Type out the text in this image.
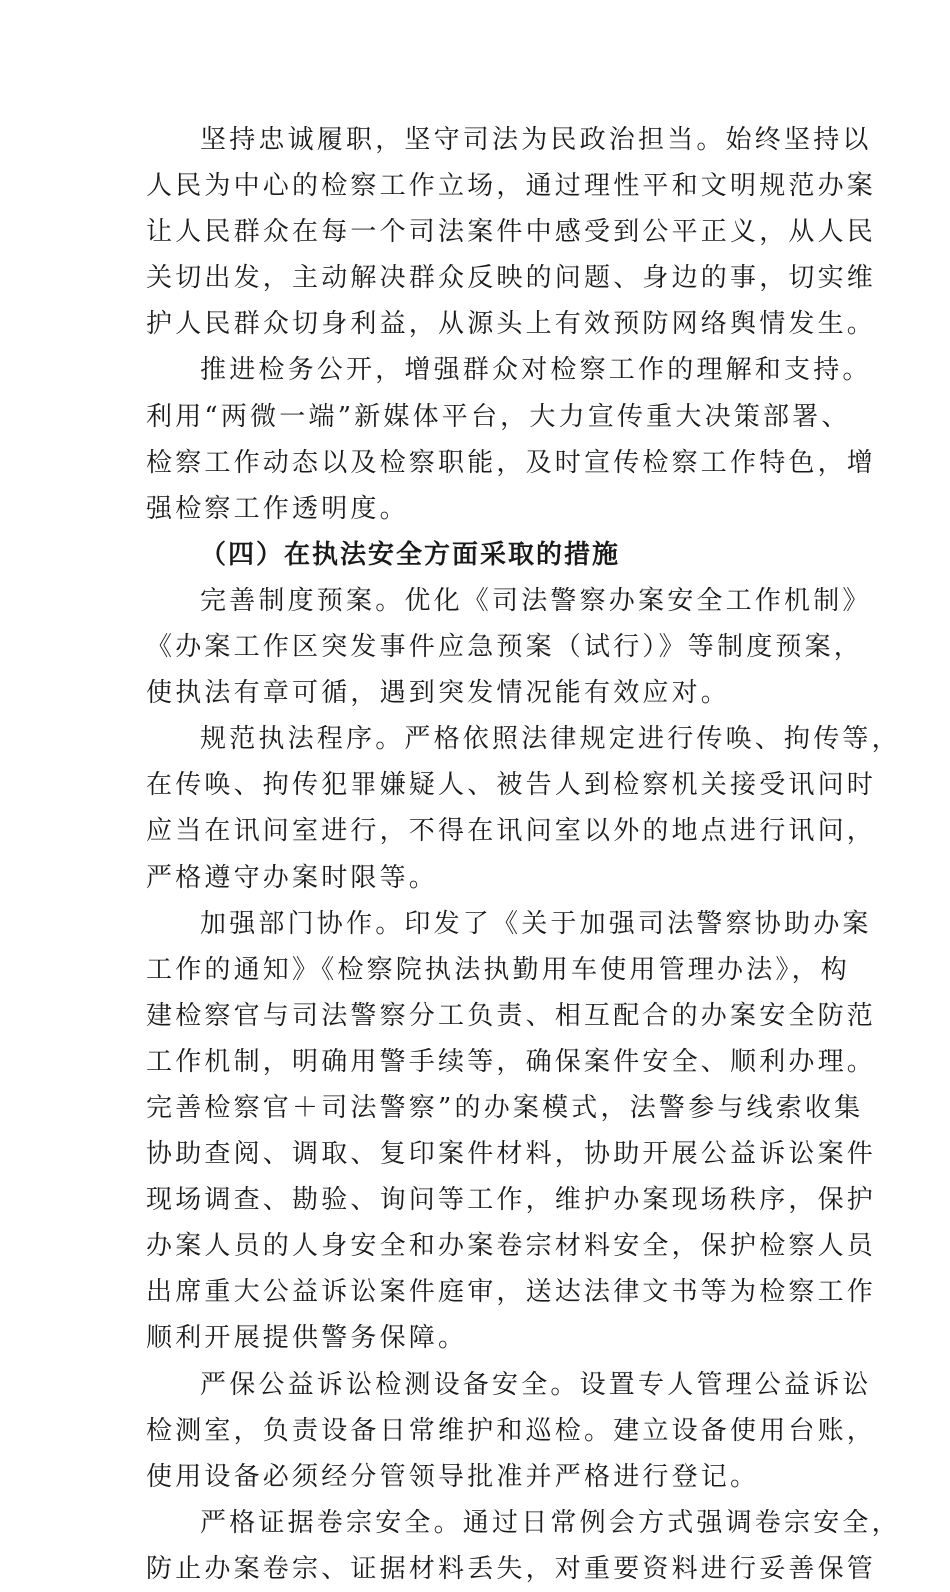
坚持忠诚履职，坚守司法为民政治担当。始终坚持以
人民为中心的检察工作立场，通过理性平和文明规范办案
让人民群众在每一个司法案件中感受到公平正义，从人民
关切出发，主动解决群众反映的问题、身边的事，切实维
护人民群众切身利益，从源头上有效预防网络舆情发生。
推进检务公开，增强群众对检察工作的理解和支持。
利用“两微一端”新媒体平台，大力宣传重大决策部署、
检察工作动态以及检察职能，及时宣传检察工作特色，增
强检察工作透明度。
（四）在执法安全方面采取的措施
完善制度预案。优化《司法警察办案安全工作机制》
《办案工作区突发事件应急预案（试行）》等制度预案，
使执法有章可循，遇到突发情况能有效应对。
规范执法程序。严格依照法律规定进行传唤、拘传等，
在传唤、拘传犯罪嫌疑人、被告人到检察机关接受讯问时
应当在讯问室进行，不得在讯问室以外的地点进行讯问，
严格遵守办案时限等。
加强部门协作。印发了《关于加强司法警察协助办案
工作的通知》《检察院执法执勤用车使用管理办法》，构
建检察官与司法警察分工负责、相互配合的办案安全防范
工作机制，明确用警手续等，确保案件安全、顺利办理。
完善检察官＋司法警察”的办案模式，法警参与线索收集
协助查阅、调取、复印案件材料，协助开展公益诉讼案件
现场调查、勘验、询问等工作，维护办案现场秩序，保护
办案人员的人身安全和办案卷宗材料安全，保护检察人员
出席重大公益诉讼案件庭审，送达法律文书等为检察工作
顺利开展提供警务保障。
严保公益诉讼检测设备安全。设置专人管理公益诉讼
检测室，负责设备日常维护和巡检。建立设备使用台账，
使用设备必须经分管领导批准并严格进行登记。
严格证据卷宗安全。通过日常例会方式强调卷宗安全，
防止办案卷宗、证据材料丢失，对重要资料进行妥善保管
